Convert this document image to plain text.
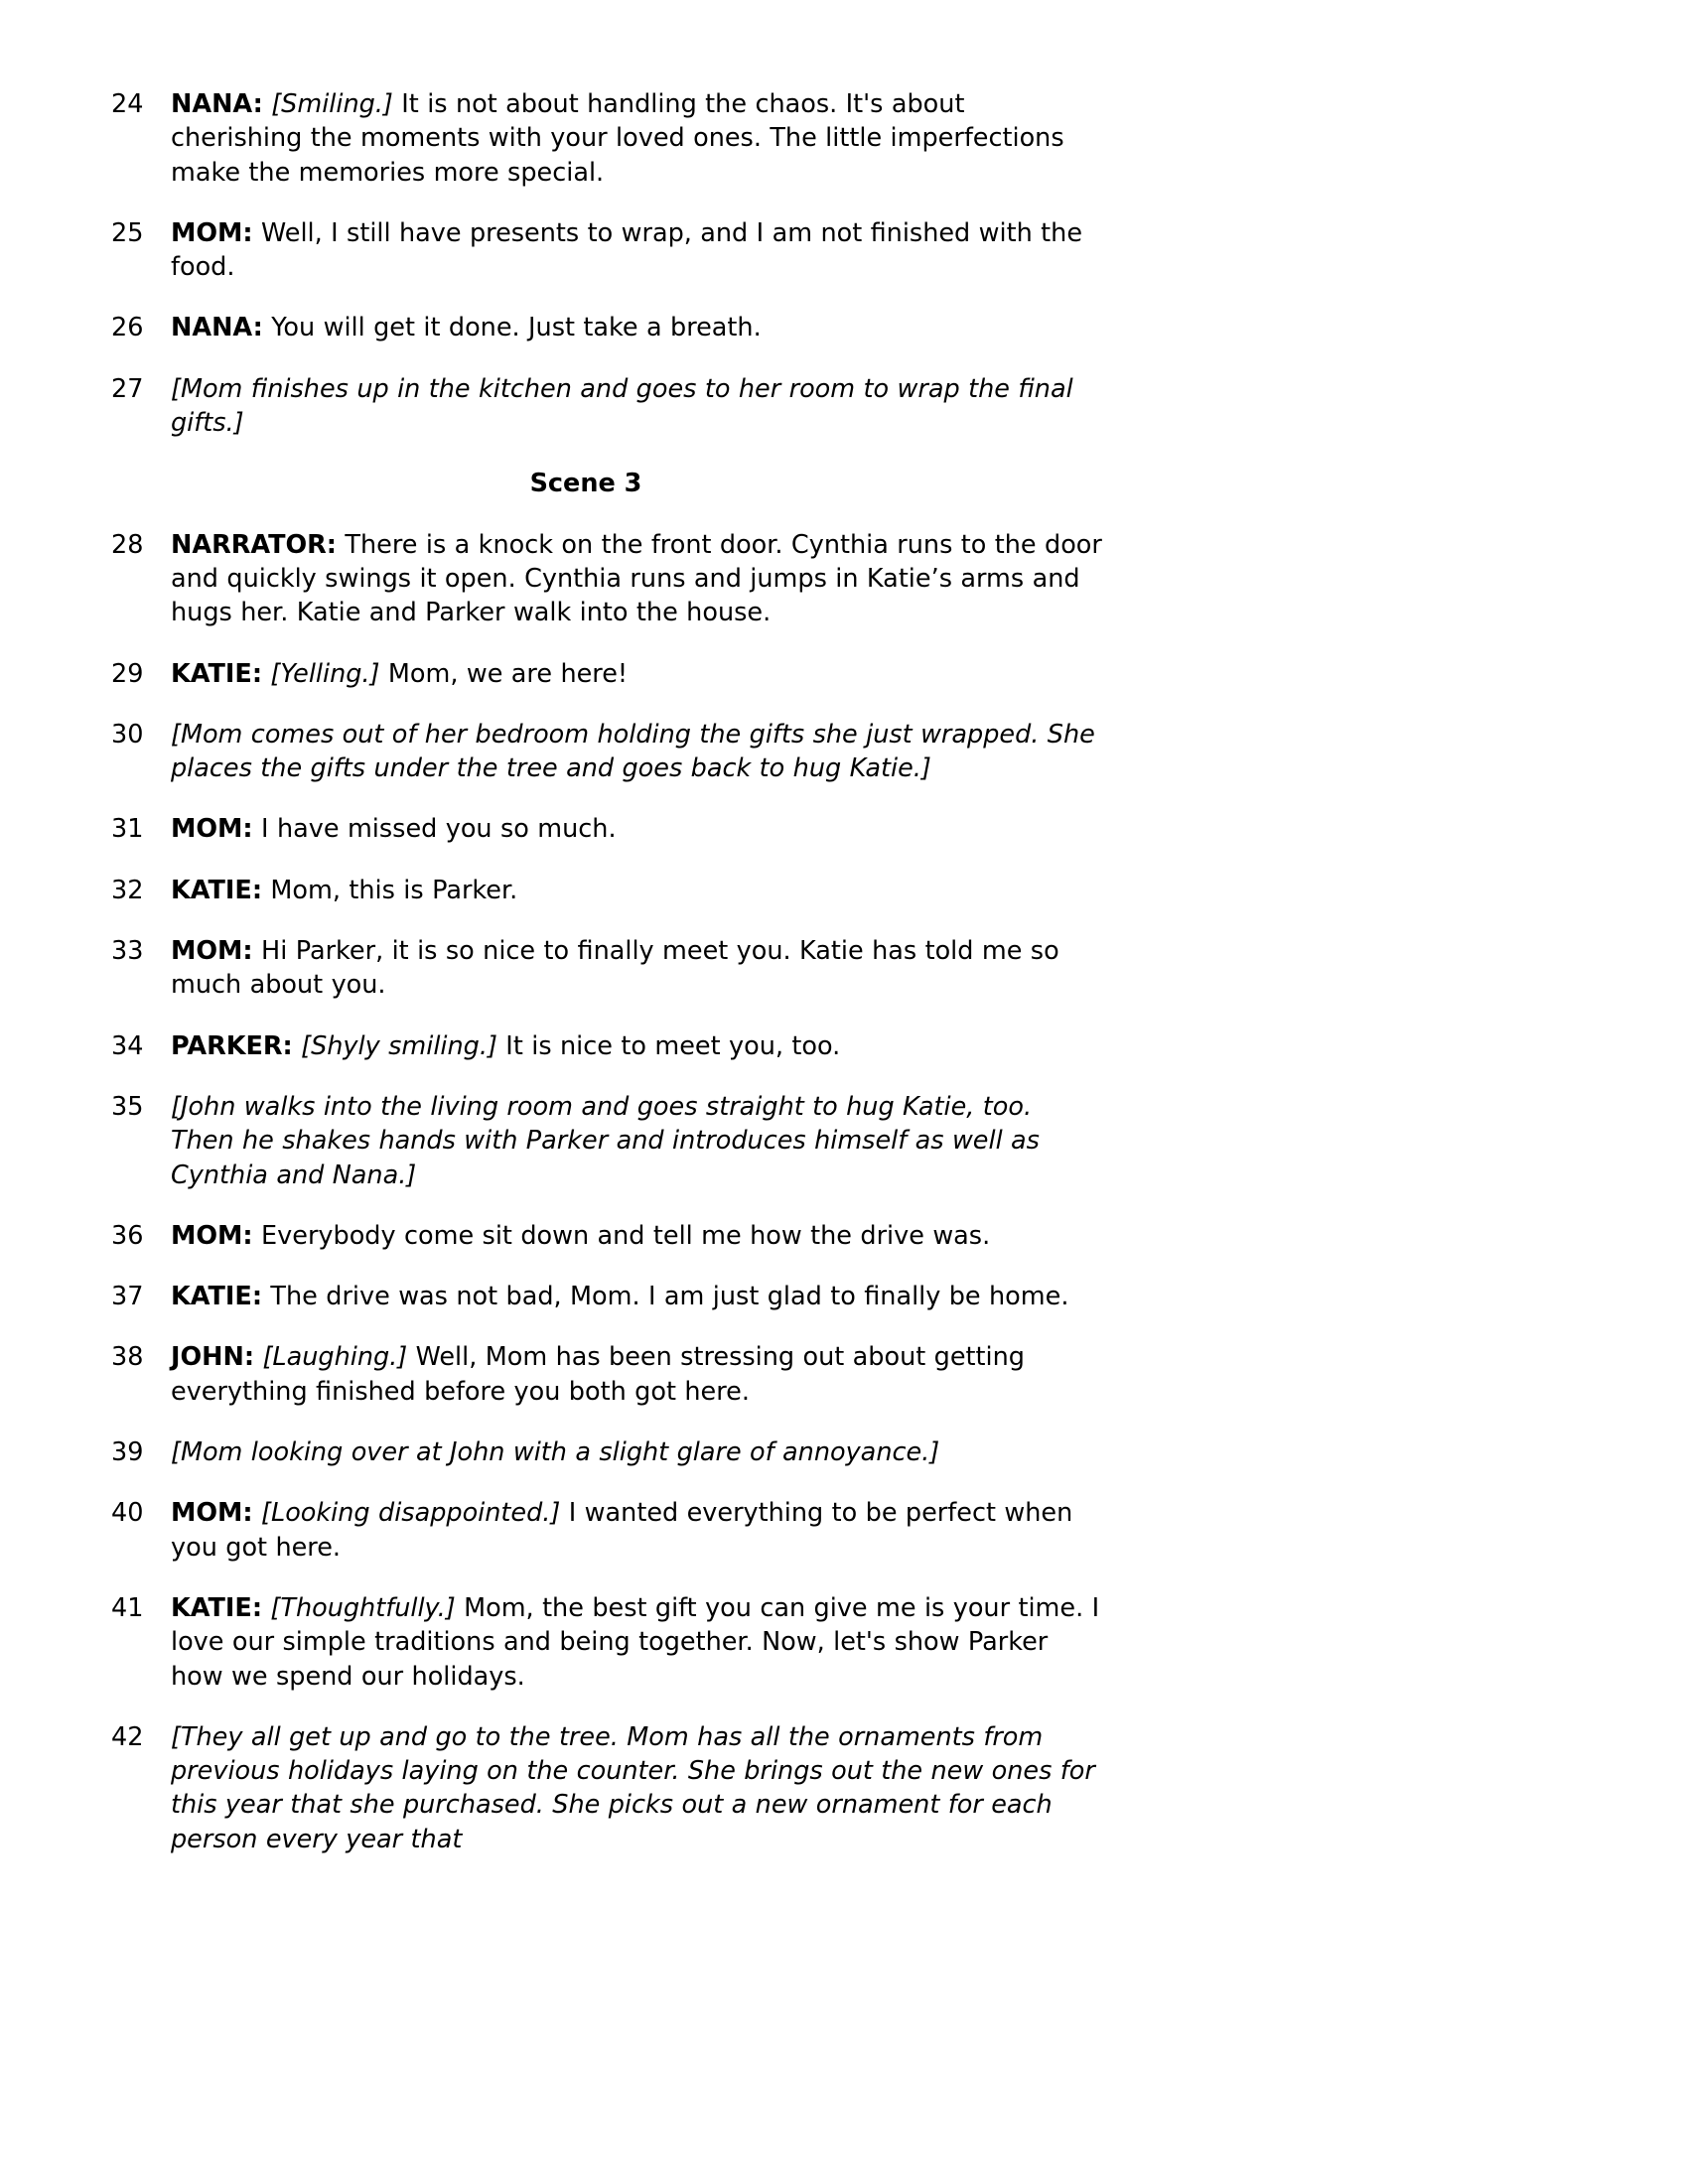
24	NANA: [Smiling.] It is not about handling the chaos. It's about cherishing the moments with your loved ones. The little imperfections make the memories more special.
25	MOM: Well, I still have presents to wrap, and I am not finished with the food.
26	NANA: You will get it done. Just take a breath.
27	[Mom finishes up in the kitchen and goes to her room to wrap the final gifts.]
Scene 3
28	NARRATOR: There is a knock on the front door. Cynthia runs to the door and quickly swings it open. Cynthia runs and jumps in Katie’s arms and hugs her. Katie and Parker walk into the house.
29	KATIE: [Yelling.] Mom, we are here!
30	[Mom comes out of her bedroom holding the gifts she just wrapped. She places the gifts under the tree and goes back to hug Katie.]
31	MOM: I have missed you so much.
32	KATIE: Mom, this is Parker.
33	MOM: Hi Parker, it is so nice to finally meet you. Katie has told me so much about you.
34	PARKER: [Shyly smiling.] It is nice to meet you, too.
35	[John walks into the living room and goes straight to hug Katie, too. Then he shakes hands with Parker and introduces himself as well as Cynthia and Nana.]
36	MOM: Everybody come sit down and tell me how the drive was.
37	KATIE: The drive was not bad, Mom. I am just glad to finally be home.
38	JOHN: [Laughing.] Well, Mom has been stressing out about getting everything finished before you both got here.
39	[Mom looking over at John with a slight glare of annoyance.]
40	MOM: [Looking disappointed.] I wanted everything to be perfect when you got here.
41	KATIE: [Thoughtfully.] Mom, the best gift you can give me is your time. I love our simple traditions and being together. Now, let's show Parker how we spend our holidays.
42	[They all get up and go to the tree. Mom has all the ornaments from previous holidays laying on the counter. She brings out the new ones for this year that she purchased. She picks out a new ornament for each person every year that
